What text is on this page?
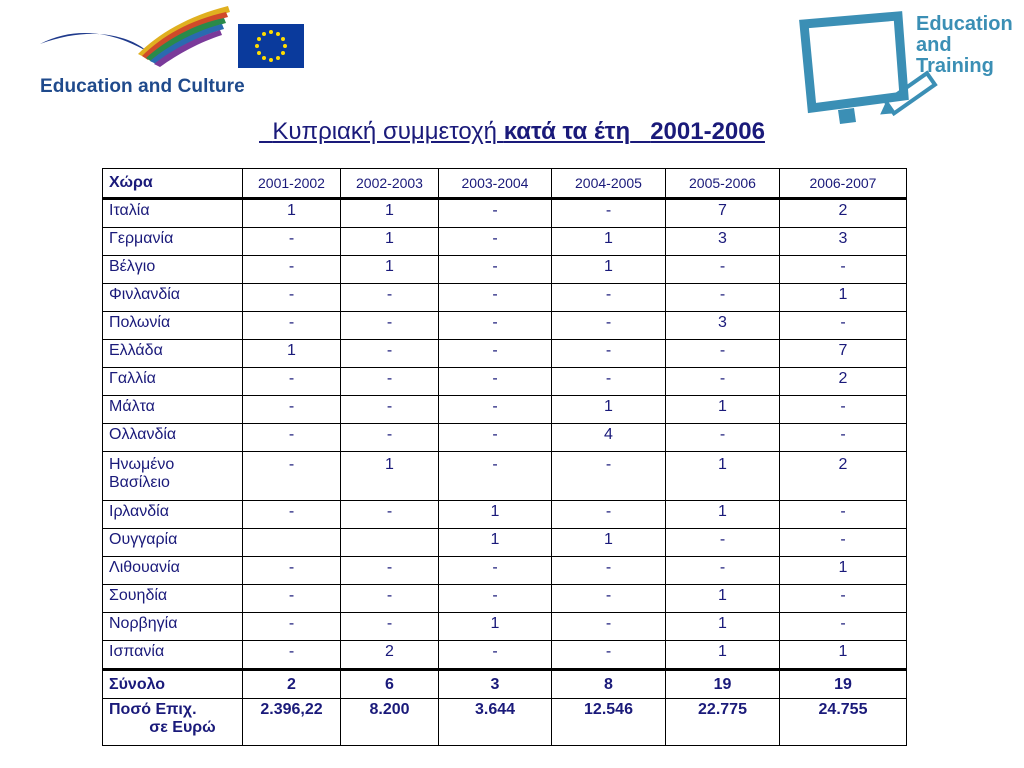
Education and Culture
Education
and
Training
Κυπριακή συμμετοχή κατά τα έτη 2001-2006
Χώρα	2001-2002	2002-2003	2003-2004	2004-2005	2005-2006	2006-2007
Ιταλία	1	1	-	-	7	2
Γερμανία	-	1	-	1	3	3
Βέλγιο	-	1	-	1	-	-
Φινλανδία	-	-	-	-	-	1
Πολωνία	-	-	-	-	3	-
Ελλάδα	1	-	-	-	-	7
Γαλλία	-	-	-	-	-	2
Μάλτα	-	-	-	1	1	-
Ολλανδία	-	-	-	4	-	-
Ηνωμένο Βασίλειο	-	1	-	-	1	2
Ιρλανδία	-	-	1	-	1	-
Ουγγαρία			1	1	-	-
Λιθουανία	-	-	-	-	-	1
Σουηδία	-	-	-	-	1	-
Νορβηγία	-	-	1	-	1	-
Ισπανία	-	2	-	-	1	1
Σύνολο	2	6	3	8	19	19

Ποσό Επιχ.
σε Ευρώ	2.396,22	8.200	3.644	12.546	22.775	24.755
